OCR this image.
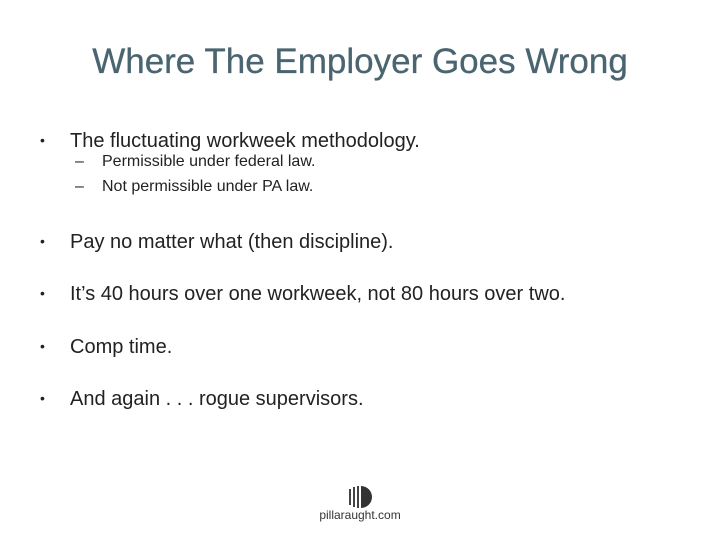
Where The Employer Goes Wrong
• The fluctuating workweek methodology.
– Permissible under federal law.
– Not permissible under PA law.
• Pay no matter what (then discipline).
• It’s 40 hours over one workweek, not 80 hours over two.
• Comp time.
• And again . . . rogue supervisors.
pillaraught.com
